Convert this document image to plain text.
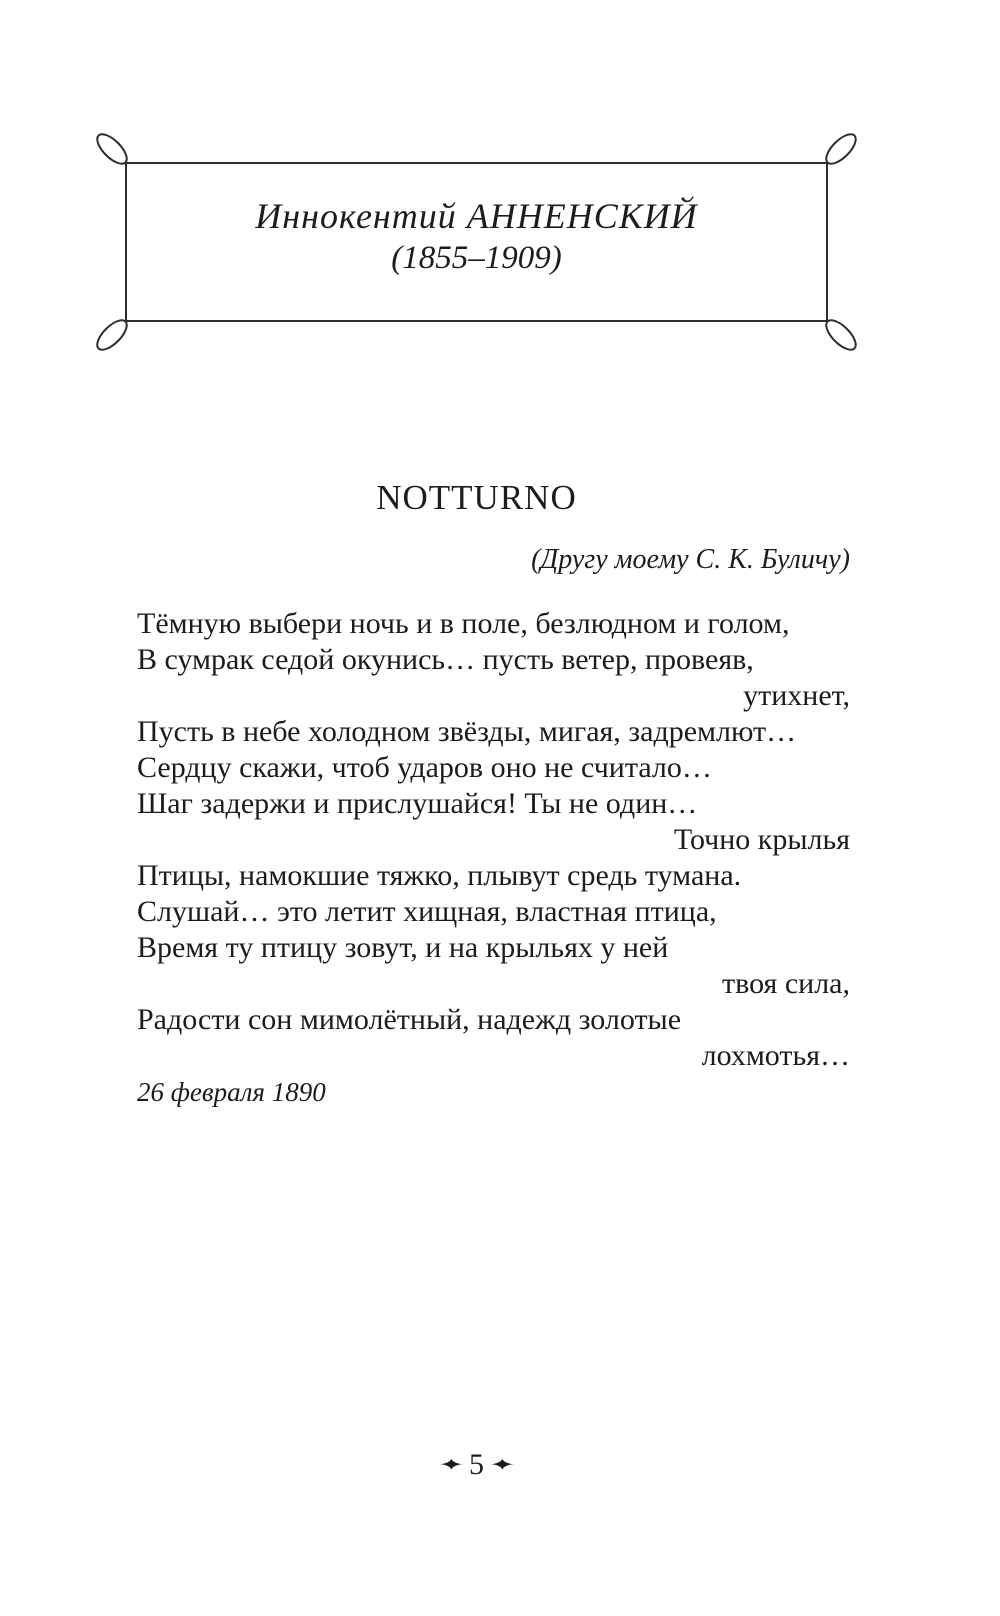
Иннокентий АННЕНСКИЙ
(1855–1909)
NOTTURNO
(Другу моему С. К. Буличу)
Тёмную выбери ночь и в поле, безлюдном и голом,
В сумрак седой окунись… пусть ветер, провеяв,
утихнет,
Пусть в небе холодном звёзды, мигая, задремлют…
Сердцу скажи, чтоб ударов оно не считало…
Шаг задержи и прислушайся! Ты не один…
Точно крылья
Птицы, намокшие тяжко, плывут средь тумана.
Слушай… это летит хищная, властная птица,
Время ту птицу зовут, и на крыльях у ней
твоя сила,
Радости сон мимолётный, надежд золотые
лохмотья…
26 февраля 1890
✦ 5 ✦
